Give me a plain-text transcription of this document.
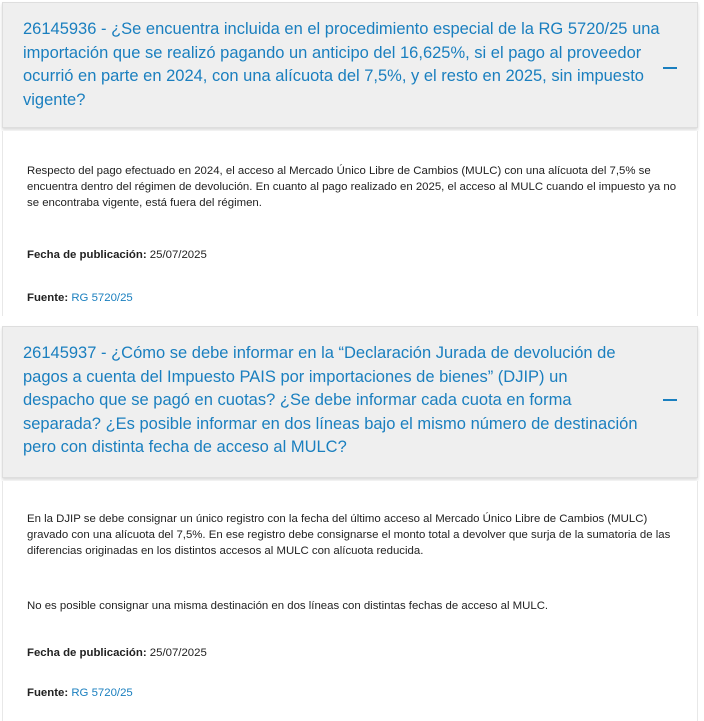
26145936 - ¿Se encuentra incluida en el procedimiento especial de la RG 5720/25 una importación que se realizó pagando un anticipo del 16,625%, si el pago al proveedor ocurrió en parte en 2024, con una alícuota del 7,5%, y el resto en 2025, sin impuesto vigente?
Respecto del pago efectuado en 2024, el acceso al Mercado Único Libre de Cambios (MULC) con una alícuota del 7,5% se encuentra dentro del régimen de devolución. En cuanto al pago realizado en 2025, el acceso al MULC cuando el impuesto ya no se encontraba vigente, está fuera del régimen.
Fecha de publicación: 25/07/2025
Fuente: RG 5720/25
26145937 - ¿Cómo se debe informar en la “Declaración Jurada de devolución de pagos a cuenta del Impuesto PAIS por importaciones de bienes” (DJIP) un despacho que se pagó en cuotas? ¿Se debe informar cada cuota en forma separada? ¿Es posible informar en dos líneas bajo el mismo número de destinación pero con distinta fecha de acceso al MULC?
En la DJIP se debe consignar un único registro con la fecha del último acceso al Mercado Único Libre de Cambios (MULC) gravado con una alícuota del 7,5%. En ese registro debe consignarse el monto total a devolver que surja de la sumatoria de las diferencias originadas en los distintos accesos al MULC con alícuota reducida.
No es posible consignar una misma destinación en dos líneas con distintas fechas de acceso al MULC.
Fecha de publicación: 25/07/2025
Fuente: RG 5720/25
